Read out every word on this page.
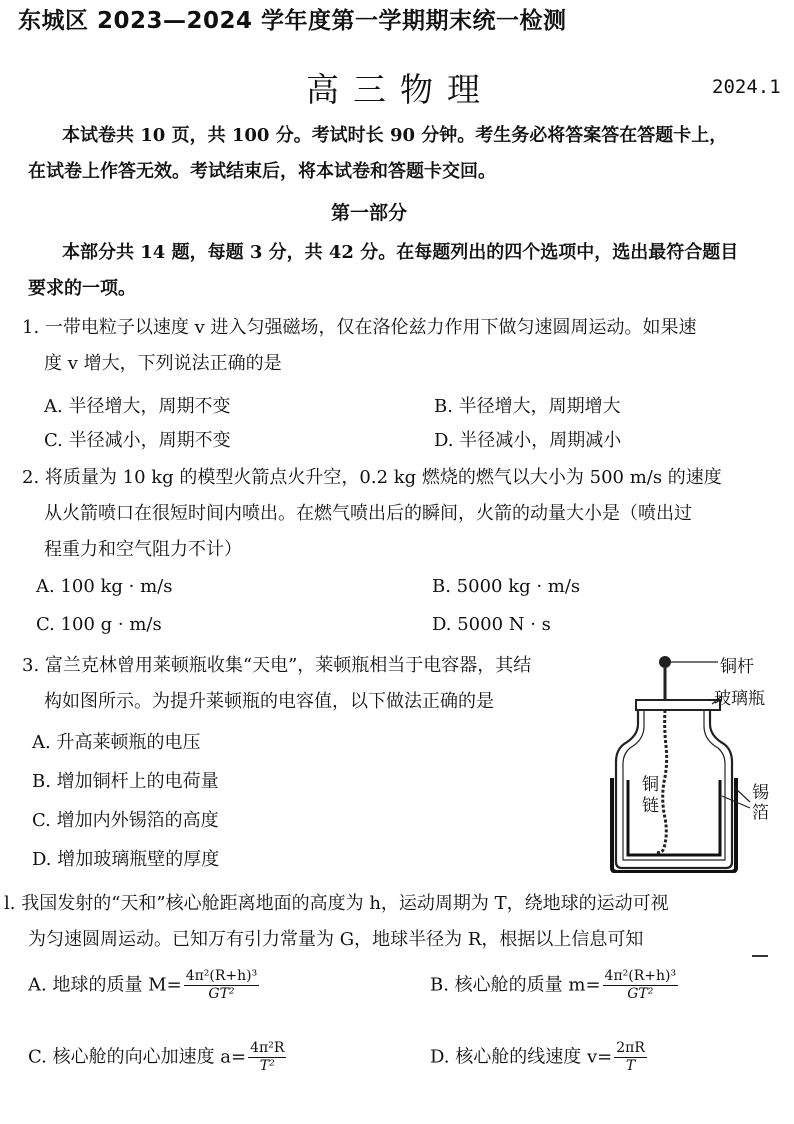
东城区 2023—2024 学年度第一学期期末统一检测
高三物理	2024.1
本试卷共 10 页，共 100 分。考试时长 90 分钟。考生务必将答案答在答题卡上，
在试卷上作答无效。考试结束后，将本试卷和答题卡交回。
第一部分
本部分共 14 题，每题 3 分，共 42 分。在每题列出的四个选项中，选出最符合题目
要求的一项。
1. 一带电粒子以速度 v 进入匀强磁场，仅在洛伦兹力作用下做匀速圆周运动。如果速
度 v 增大，下列说法正确的是
A. 半径增大，周期不变	B. 半径增大，周期增大
C. 半径减小，周期不变	D. 半径减小，周期减小
2. 将质量为 10 kg 的模型火箭点火升空，0.2 kg 燃烧的燃气以大小为 500 m/s 的速度
从火箭喷口在很短时间内喷出。在燃气喷出后的瞬间，火箭的动量大小是（喷出过
程重力和空气阻力不计）
A. 100 kg · m/s	B. 5000 kg · m/s
C. 100 g · m/s	D. 5000 N · s
3. 富兰克林曾用莱顿瓶收集“天电”，莱顿瓶相当于电容器，其结
构如图所示。为提升莱顿瓶的电容值，以下做法正确的是
A. 升高莱顿瓶的电压
B. 增加铜杆上的电荷量
C. 增加内外锡箔的高度
D. 增加玻璃瓶壁的厚度
铜杆
玻璃瓶
锡
箔
铜
链
l. 我国发射的“天和”核心舱距离地面的高度为 h，运动周期为 T，绕地球的运动可视
为匀速圆周运动。已知万有引力常量为 G，地球半径为 R，根据以上信息可知
A. 地球的质量 $M= \frac{\text{4π²(R+h)³}}{\text{GT²}}$	B. 核心舱的质量 $m= \frac{\text{4π²(R+h)³}}{\text{GT²}}$
C. 核心舱的向心加速度 $a= \frac{\text{4π²R}}{\text{T²}}$	D. 核心舱的线速度 $v= \frac{2\pi R}{T}$
